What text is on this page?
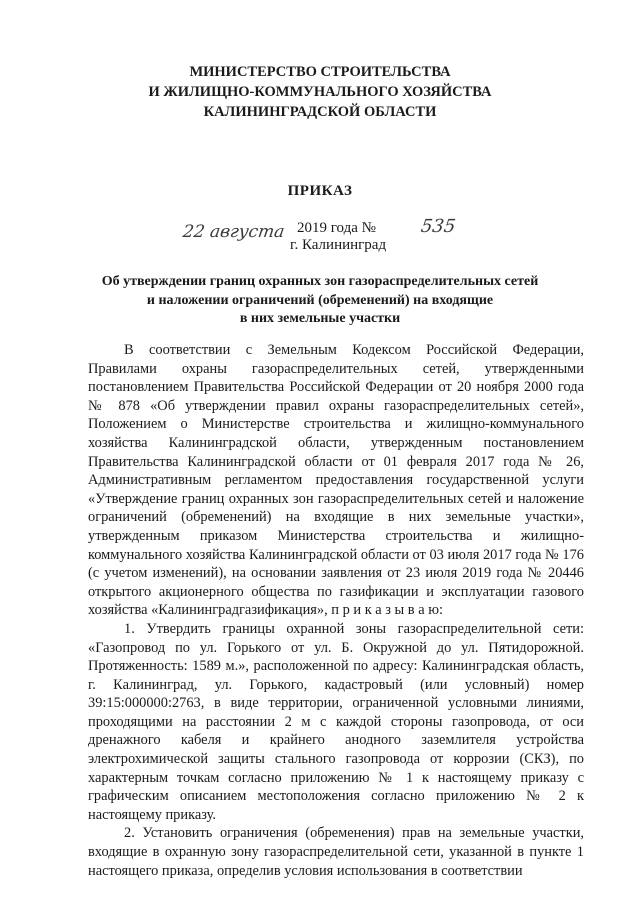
МИНИСТЕРСТВО СТРОИТЕЛЬСТВА
И ЖИЛИЩНО-КОММУНАЛЬНОГО ХОЗЯЙСТВА
КАЛИНИНГРАДСКОЙ ОБЛАСТИ
ПРИКАЗ
22 августа 2019 года № 535
г. Калининград
Об утверждении границ охранных зон газораспределительных сетей
и наложении ограничений (обременений) на входящие
в них земельные участки

В соответствии с Земельным Кодексом Российской Федерации, Правилами охраны газораспределительных сетей, утвержденными постановлением Правительства Российской Федерации от 20 ноября 2000 года № 878 «Об утверждении правил охраны газораспределительных сетей», Положением о Министерстве строительства и жилищно-коммунального хозяйства Калининградской области, утвержденным постановлением Правительства Калининградской области от 01 февраля 2017 года № 26, Административным регламентом предоставления государственной услуги «Утверждение границ охранных зон газораспределительных сетей и наложение ограничений (обременений) на входящие в них земельные участки», утвержденным приказом Министерства строительства и жилищно-коммунального хозяйства Калининградской области от 03 июля 2017 года № 176 (с учетом изменений), на основании заявления от 23 июля 2019 года № 20446 открытого акционерного общества по газификации и эксплуатации газового хозяйства «Калининградгазификация», п р и к а з ы в а ю:

1. Утвердить границы охранной зоны газораспределительной сети: «Газопровод по ул. Горького от ул. Б. Окружной до ул. Пятидорожной. Протяженность: 1589 м.», расположенной по адресу: Калининградская область, г. Калининград, ул. Горького, кадастровый (или условный) номер 39:15:000000:2763, в виде территории, ограниченной условными линиями, проходящими на расстоянии 2 м с каждой стороны газопровода, от оси дренажного кабеля и крайнего анодного заземлителя устройства электрохимической защиты стального газопровода от коррозии (СКЗ), по характерным точкам согласно приложению № 1 к настоящему приказу с графическим описанием местоположения согласно приложению № 2 к настоящему приказу.

2. Установить ограничения (обременения) прав на земельные участки, входящие в охранную зону газораспределительной сети, указанной в пункте 1 настоящего приказа, определив условия использования в соответствии
